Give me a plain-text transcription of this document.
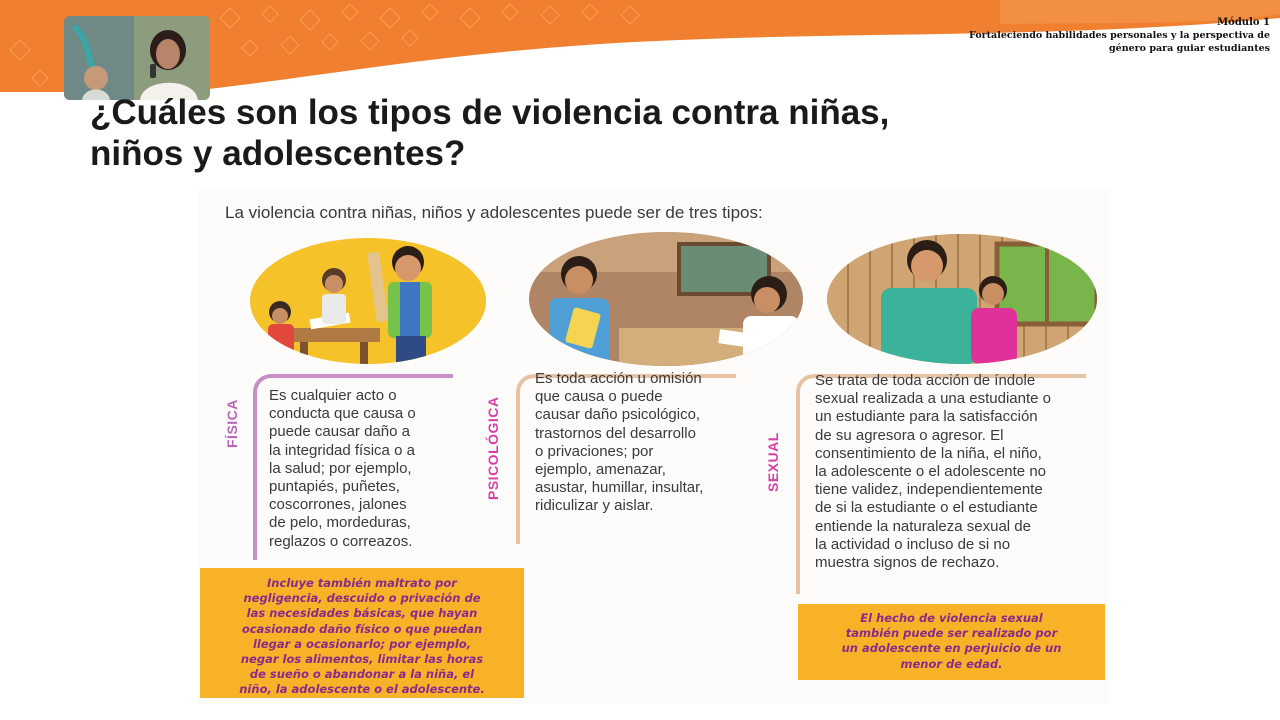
Módulo 1
Fortaleciendo habilidades personales y la perspectiva de
género para guiar estudiantes
¿Cuáles son los tipos de violencia contra niñas,
niños y adolescentes?
La violencia contra niñas, niños y adolescentes puede ser de tres tipos:
FÍSICA
Es cualquier acto o
conducta que causa o
puede causar daño a
la integridad física o a
la salud; por ejemplo,
puntapiés, puñetes,
coscorrones, jalones
de pelo, mordeduras,
reglazos o correazos.
PSICOLÓGICA
Es toda acción u omisión
que causa o puede
causar daño psicológico,
trastornos del desarrollo
o privaciones; por
ejemplo, amenazar,
asustar, humillar, insultar,
ridiculizar y aislar.
SEXUAL
Se trata de toda acción de índole
sexual realizada a una estudiante o
un estudiante para la satisfacción
de su agresora o agresor. El
consentimiento de la niña, el niño,
la adolescente o el adolescente no
tiene validez, independientemente
de si la estudiante o el estudiante
entiende la naturaleza sexual de
la actividad o incluso de si no
muestra signos de rechazo.
Incluye también maltrato por
negligencia, descuido o privación de
las necesidades básicas, que hayan
ocasionado daño físico o que puedan
llegar a ocasionarlo; por ejemplo,
negar los alimentos, limitar las horas
de sueño o abandonar a la niña, el
niño, la adolescente o el adolescente.
El hecho de violencia sexual
también puede ser realizado por
un adolescente en perjuicio de un
menor de edad.
